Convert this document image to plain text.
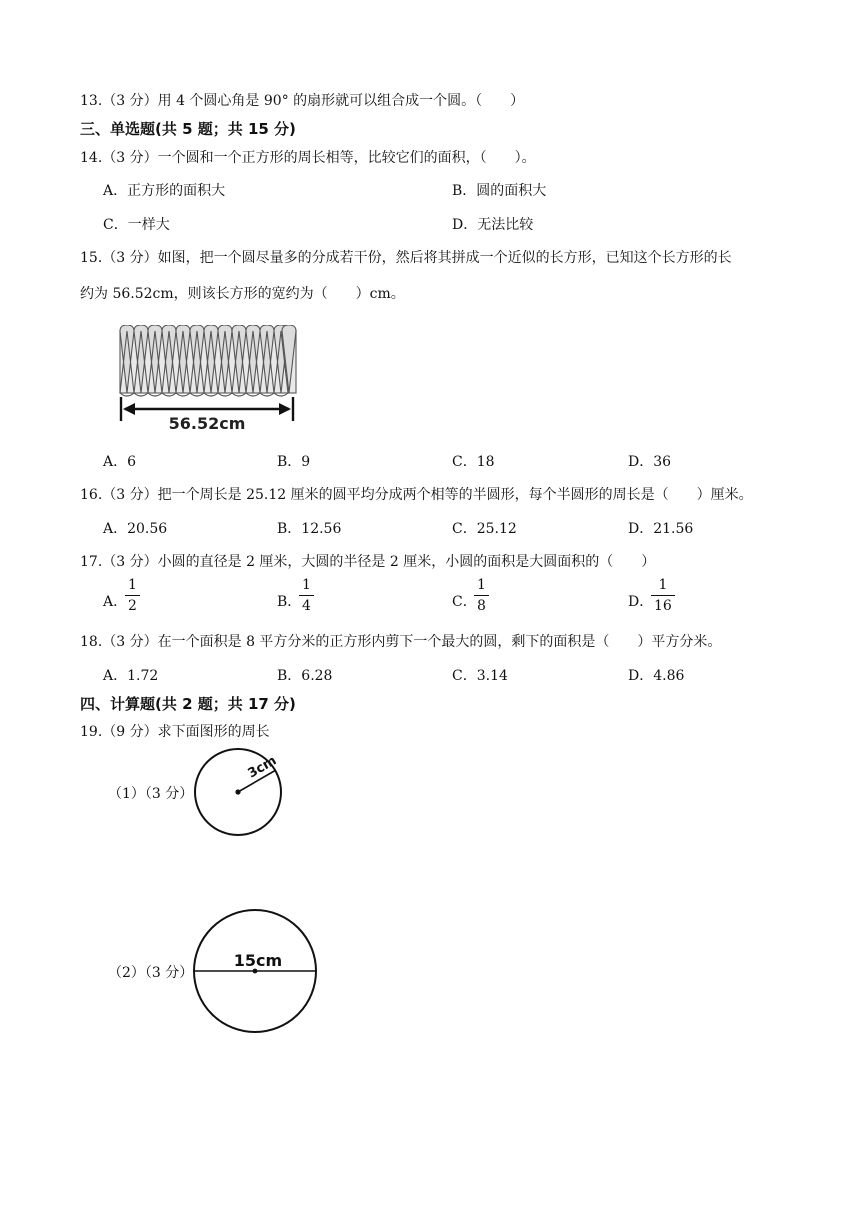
13.（3 分）用 4 个圆心角是 90° 的扇形就可以组合成一个圆。（　　）
三、单选题(共 5 题；共 15 分)
14.（3 分）一个圆和一个正方形的周长相等，比较它们的面积，（　　）。
A．正方形的面积大	B．圆的面积大
C．一样大	D．无法比较
15.（3 分）如图，把一个圆尽量多的分成若干份，然后将其拼成一个近似的长方形，已知这个长方形的长
约为 56.52cm，则该长方形的宽约为（　　）cm。
56.52cm
A．6	B．9	C．18	D．36
16.（3 分）把一个周长是 25.12 厘米的圆平均分成两个相等的半圆形，每个半圆形的周长是（　　）厘米。
A．20.56	B．12.56	C．25.12	D．21.56
17.（3 分）小圆的直径是 2 厘米，大圆的半径是 2 厘米，小圆的面积是大圆面积的（　　）
A．
$\frac{1}{2}$	B．
$\frac{1}{4}$	C．
$\frac{1}{8}$	D．
$\frac{1}{16}$
18.（3 分）在一个面积是 8 平方分米的正方形内剪下一个最大的圆，剩下的面积是（　　）平方分米。
A．1.72	B．6.28	C．3.14	D．4.86
四、计算题(共 2 题；共 17 分)
19.（9 分）求下面图形的周长
（1）（3 分）
3cm
（2）（3 分）
15cm
